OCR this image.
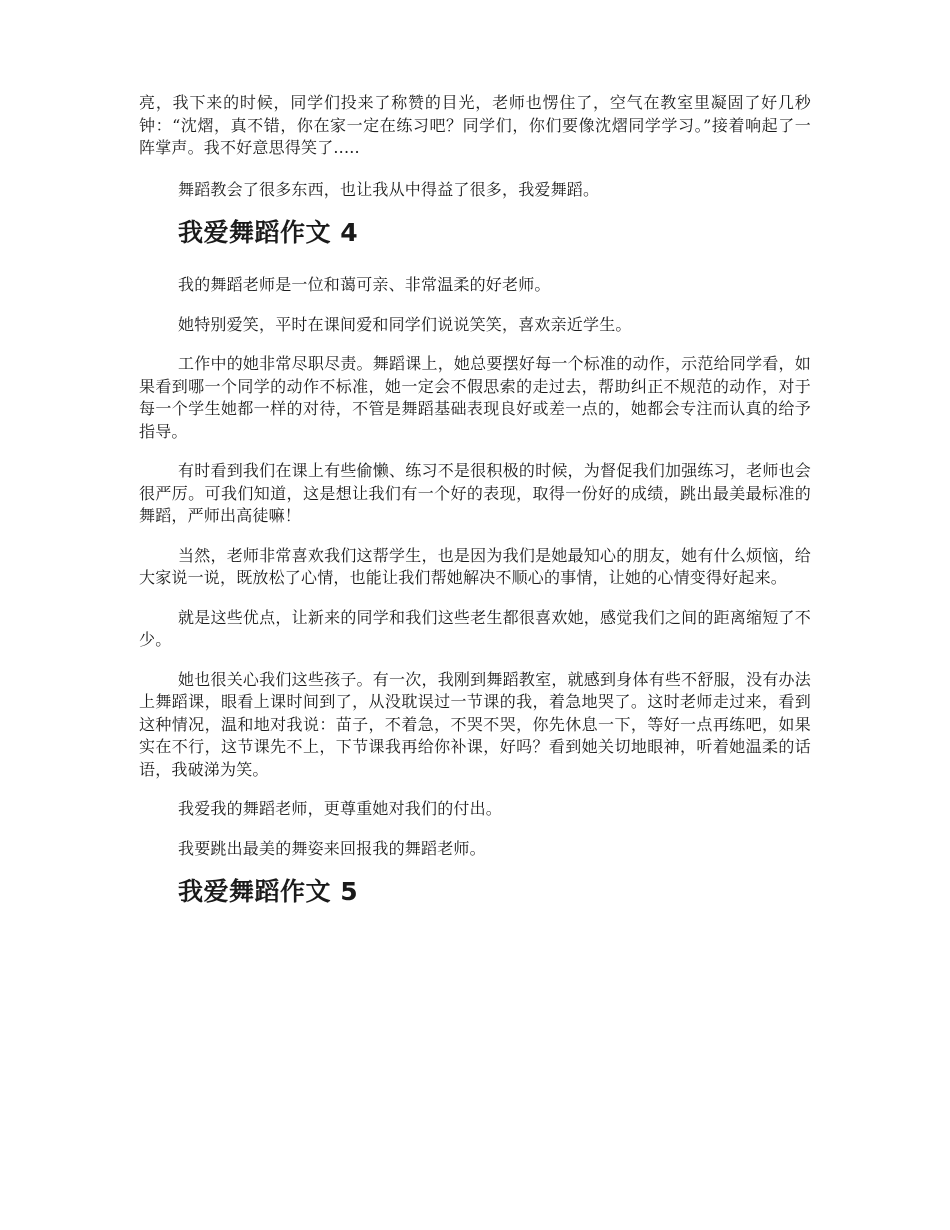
亮，我下来的时候，同学们投来了称赞的目光，老师也愣住了，空气在教室里凝固了好几秒钟：“沈熠，真不错，你在家一定在练习吧？同学们，你们要像沈熠同学学习。”接着响起了一阵掌声。我不好意思得笑了.....

舞蹈教会了很多东西，也让我从中得益了很多，我爱舞蹈。

我爱舞蹈作文 4

我的舞蹈老师是一位和蔼可亲、非常温柔的好老师。

她特别爱笑，平时在课间爱和同学们说说笑笑，喜欢亲近学生。

工作中的她非常尽职尽责。舞蹈课上，她总要摆好每一个标准的动作，示范给同学看，如果看到哪一个同学的动作不标准，她一定会不假思索的走过去，帮助纠正不规范的动作，对于每一个学生她都一样的对待，不管是舞蹈基础表现良好或差一点的，她都会专注而认真的给予指导。

有时看到我们在课上有些偷懒、练习不是很积极的时候，为督促我们加强练习，老师也会很严厉。可我们知道，这是想让我们有一个好的表现，取得一份好的成绩，跳出最美最标准的舞蹈，严师出高徒嘛！

当然，老师非常喜欢我们这帮学生，也是因为我们是她最知心的朋友，她有什么烦恼，给大家说一说，既放松了心情，也能让我们帮她解决不顺心的事情，让她的心情变得好起来。

就是这些优点，让新来的同学和我们这些老生都很喜欢她，感觉我们之间的距离缩短了不少。

她也很关心我们这些孩子。有一次，我刚到舞蹈教室，就感到身体有些不舒服，没有办法上舞蹈课，眼看上课时间到了，从没耽误过一节课的我，着急地哭了。这时老师走过来，看到这种情况，温和地对我说：苗子，不着急，不哭不哭，你先休息一下，等好一点再练吧，如果实在不行，这节课先不上，下节课我再给你补课，好吗？看到她关切地眼神，听着她温柔的话语，我破涕为笑。

我爱我的舞蹈老师，更尊重她对我们的付出。

我要跳出最美的舞姿来回报我的舞蹈老师。

我爱舞蹈作文 5
